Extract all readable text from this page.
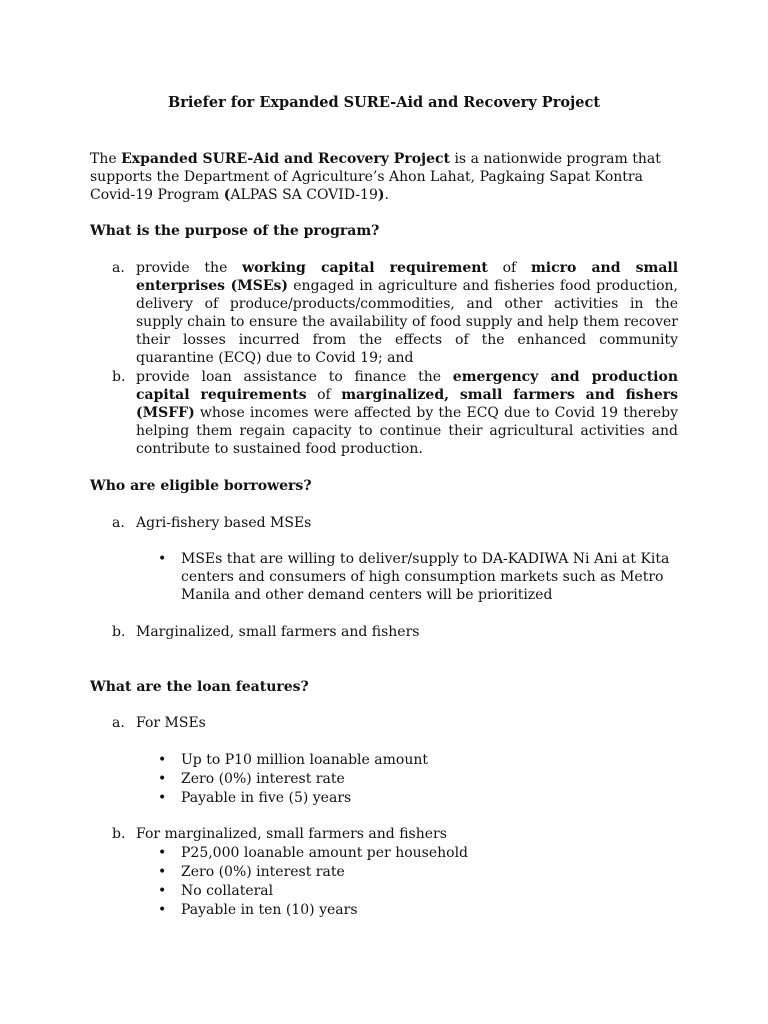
Briefer for Expanded SURE-Aid and Recovery Project
The Expanded SURE-Aid and Recovery Project is a nationwide program that supports the Department of Agriculture’s Ahon Lahat, Pagkaing Sapat Kontra Covid-19 Program (ALPAS SA COVID-19).
What is the purpose of the program?
a. provide the working capital requirement of micro and small enterprises (MSEs) engaged in agriculture and fisheries food production, delivery of produce/products/commodities, and other activities in the supply chain to ensure the availability of food supply and help them recover their losses incurred from the effects of the enhanced community quarantine (ECQ) due to Covid 19; and
b. provide loan assistance to finance the emergency and production capital requirements of marginalized, small farmers and fishers (MSFF) whose incomes were affected by the ECQ due to Covid 19 thereby helping them regain capacity to continue their agricultural activities and contribute to sustained food production.
Who are eligible borrowers?
a. Agri-fishery based MSEs
• MSEs that are willing to deliver/supply to DA-KADIWA Ni Ani at Kita centers and consumers of high consumption markets such as Metro Manila and other demand centers will be prioritized
b. Marginalized, small farmers and fishers
What are the loan features?
a. For MSEs
• Up to P10 million loanable amount
• Zero (0%) interest rate
• Payable in five (5) years
b. For marginalized, small farmers and fishers
• P25,000 loanable amount per household
• Zero (0%) interest rate
• No collateral
• Payable in ten (10) years
